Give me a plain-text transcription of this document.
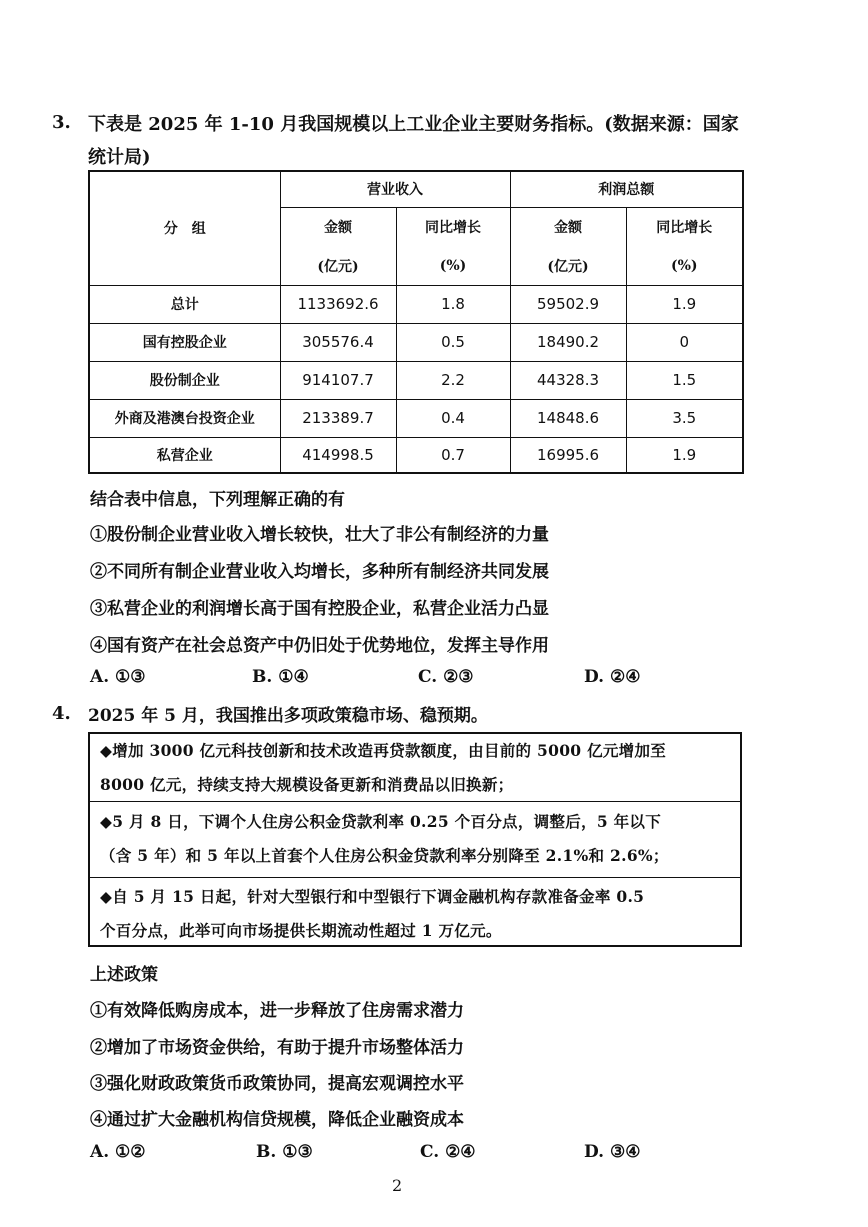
3. 下表是 2025 年 1-10 月我国规模以上工业企业主要财务指标。(数据来源：国家
统计局)
分　组	营业收入		利润总额	
	金额	同比增长	金额	同比增长
	(亿元)	(%)	(亿元)	(%)
总计	1133692.6	1.8	59502.9	1.9
国有控股企业	305576.4	0.5	18490.2	0
股份制企业	914107.7	2.2	44328.3	1.5
外商及港澳台投资企业	213389.7	0.4	14848.6	3.5
私营企业	414998.5	0.7	16995.6	1.9
结合表中信息，下列理解正确的有
①股份制企业营业收入增长较快，壮大了非公有制经济的力量
②不同所有制企业营业收入均增长，多种所有制经济共同发展
③私营企业的利润增长高于国有控股企业，私营企业活力凸显
④国有资产在社会总资产中仍旧处于优势地位，发挥主导作用
A. ①③	B. ①④	C. ②③	D. ②④
4. 2025 年 5 月，我国推出多项政策稳市场、稳预期。
◆增加 3000 亿元科技创新和技术改造再贷款额度，由目前的 5000 亿元增加至
8000 亿元，持续支持大规模设备更新和消费品以旧换新；
◆5 月 8 日，下调个人住房公积金贷款利率 0.25 个百分点，调整后，5 年以下
（含 5 年）和 5 年以上首套个人住房公积金贷款利率分别降至 2.1%和 2.6%；
◆自 5 月 15 日起，针对大型银行和中型银行下调金融机构存款准备金率 0.5
个百分点，此举可向市场提供长期流动性超过 1 万亿元。
上述政策
①有效降低购房成本，进一步释放了住房需求潜力
②增加了市场资金供给，有助于提升市场整体活力
③强化财政政策货币政策协同，提高宏观调控水平
④通过扩大金融机构信贷规模，降低企业融资成本
A. ①②	B. ①③	C. ②④	D. ③④
2
